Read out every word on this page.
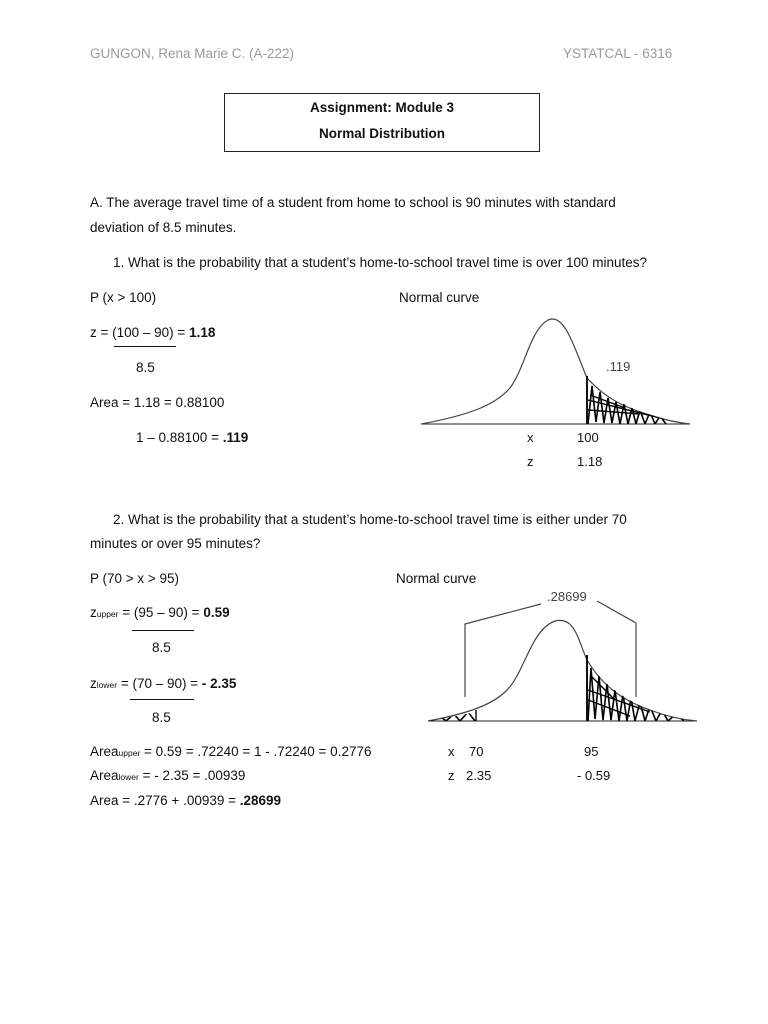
GUNGON, Rena Marie C. (A-222)	YSTATCAL - 6316
Assignment: Module 3
Normal Distribution
A. The average travel time of a student from home to school is 90 minutes with standard
deviation of 8.5 minutes.
1. What is the probability that a student’s home-to-school travel time is over 100 minutes?
P (x > 100)	Normal curve
z = (100 – 90) = 1.18
8.5
Area = 1.18 = 0.88100
1 – 0.88100 = .119
.119
x	100
z	1.18
2. What is the probability that a student’s home-to-school travel time is either under 70
minutes or over 95 minutes?
P (70 > x > 95)	Normal curve
zupper = (95 – 90) = 0.59
8.5
zlower = (70 – 90) = - 2.35
8.5
Areaupper = 0.59 = .72240 = 1 - .72240 = 0.2776
Arealower = - 2.35 = .00939
Area = .2776 + .00939 = .28699
.28699
x 70	95
z 2.35	- 0.59
